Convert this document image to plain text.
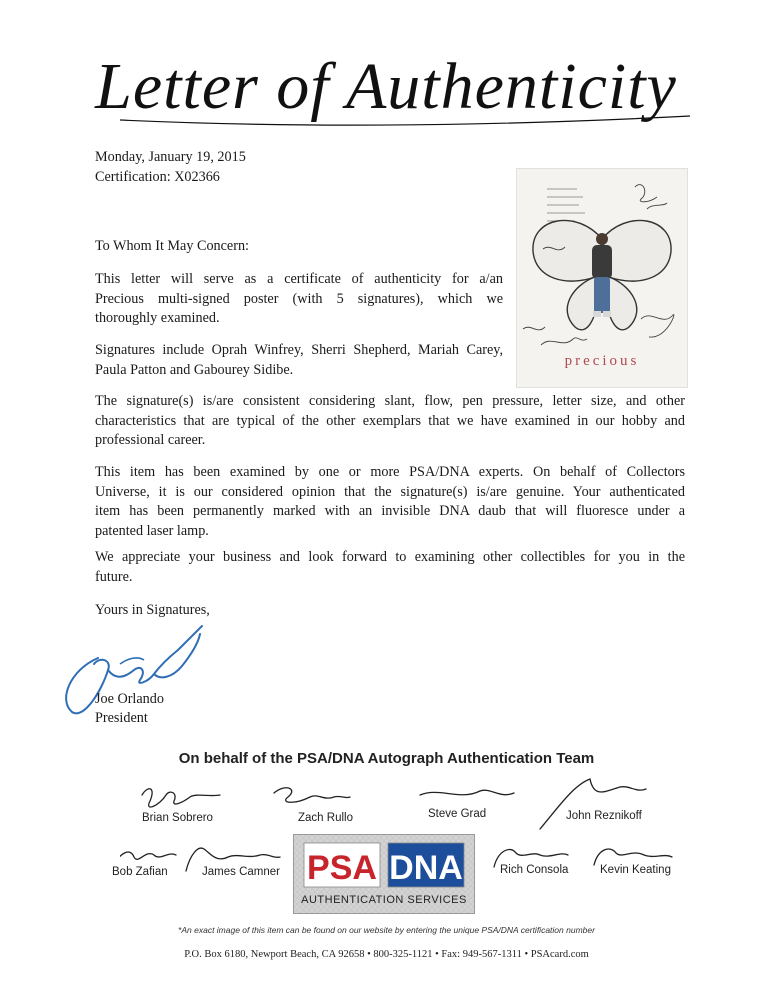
Letter of Authenticity
Monday, January 19, 2015
Certification: X02366
To Whom It May Concern:
This letter will serve as a certificate of authenticity for a/an
Precious multi-signed poster (with 5 signatures), which we
thoroughly examined.
Signatures include Oprah Winfrey, Sherri Shepherd, Mariah Carey,
Paula Patton and Gabourey Sidibe.
The signature(s) is/are consistent considering slant, flow, pen pressure, letter size, and other
characteristics that are typical of the other exemplars that we have examined in our hobby and
professional career.
This item has been examined by one or more PSA/DNA experts. On behalf of Collectors
Universe, it is our considered opinion that the signature(s) is/are genuine. Your authenticated
item has been permanently marked with an invisible DNA daub that will fluoresce under a
patented laser lamp.
We appreciate your business and look forward to examining other collectibles for you in the
future.
Yours in Signatures,
Joe Orlando
President
precious
On behalf of the PSA/DNA Autograph Authentication Team
Brian Sobrero	Zach Rullo	Steve Grad	John Reznikoff
Bob Zafian	James Camner	Rich Consola	Kevin Keating
PSA DNA
AUTHENTICATION SERVICES
*An exact image of this item can be found on our website by entering the unique PSA/DNA certification number
P.O. Box 6180, Newport Beach, CA 92658 • 800-325-1121 • Fax: 949-567-1311 • PSAcard.com
